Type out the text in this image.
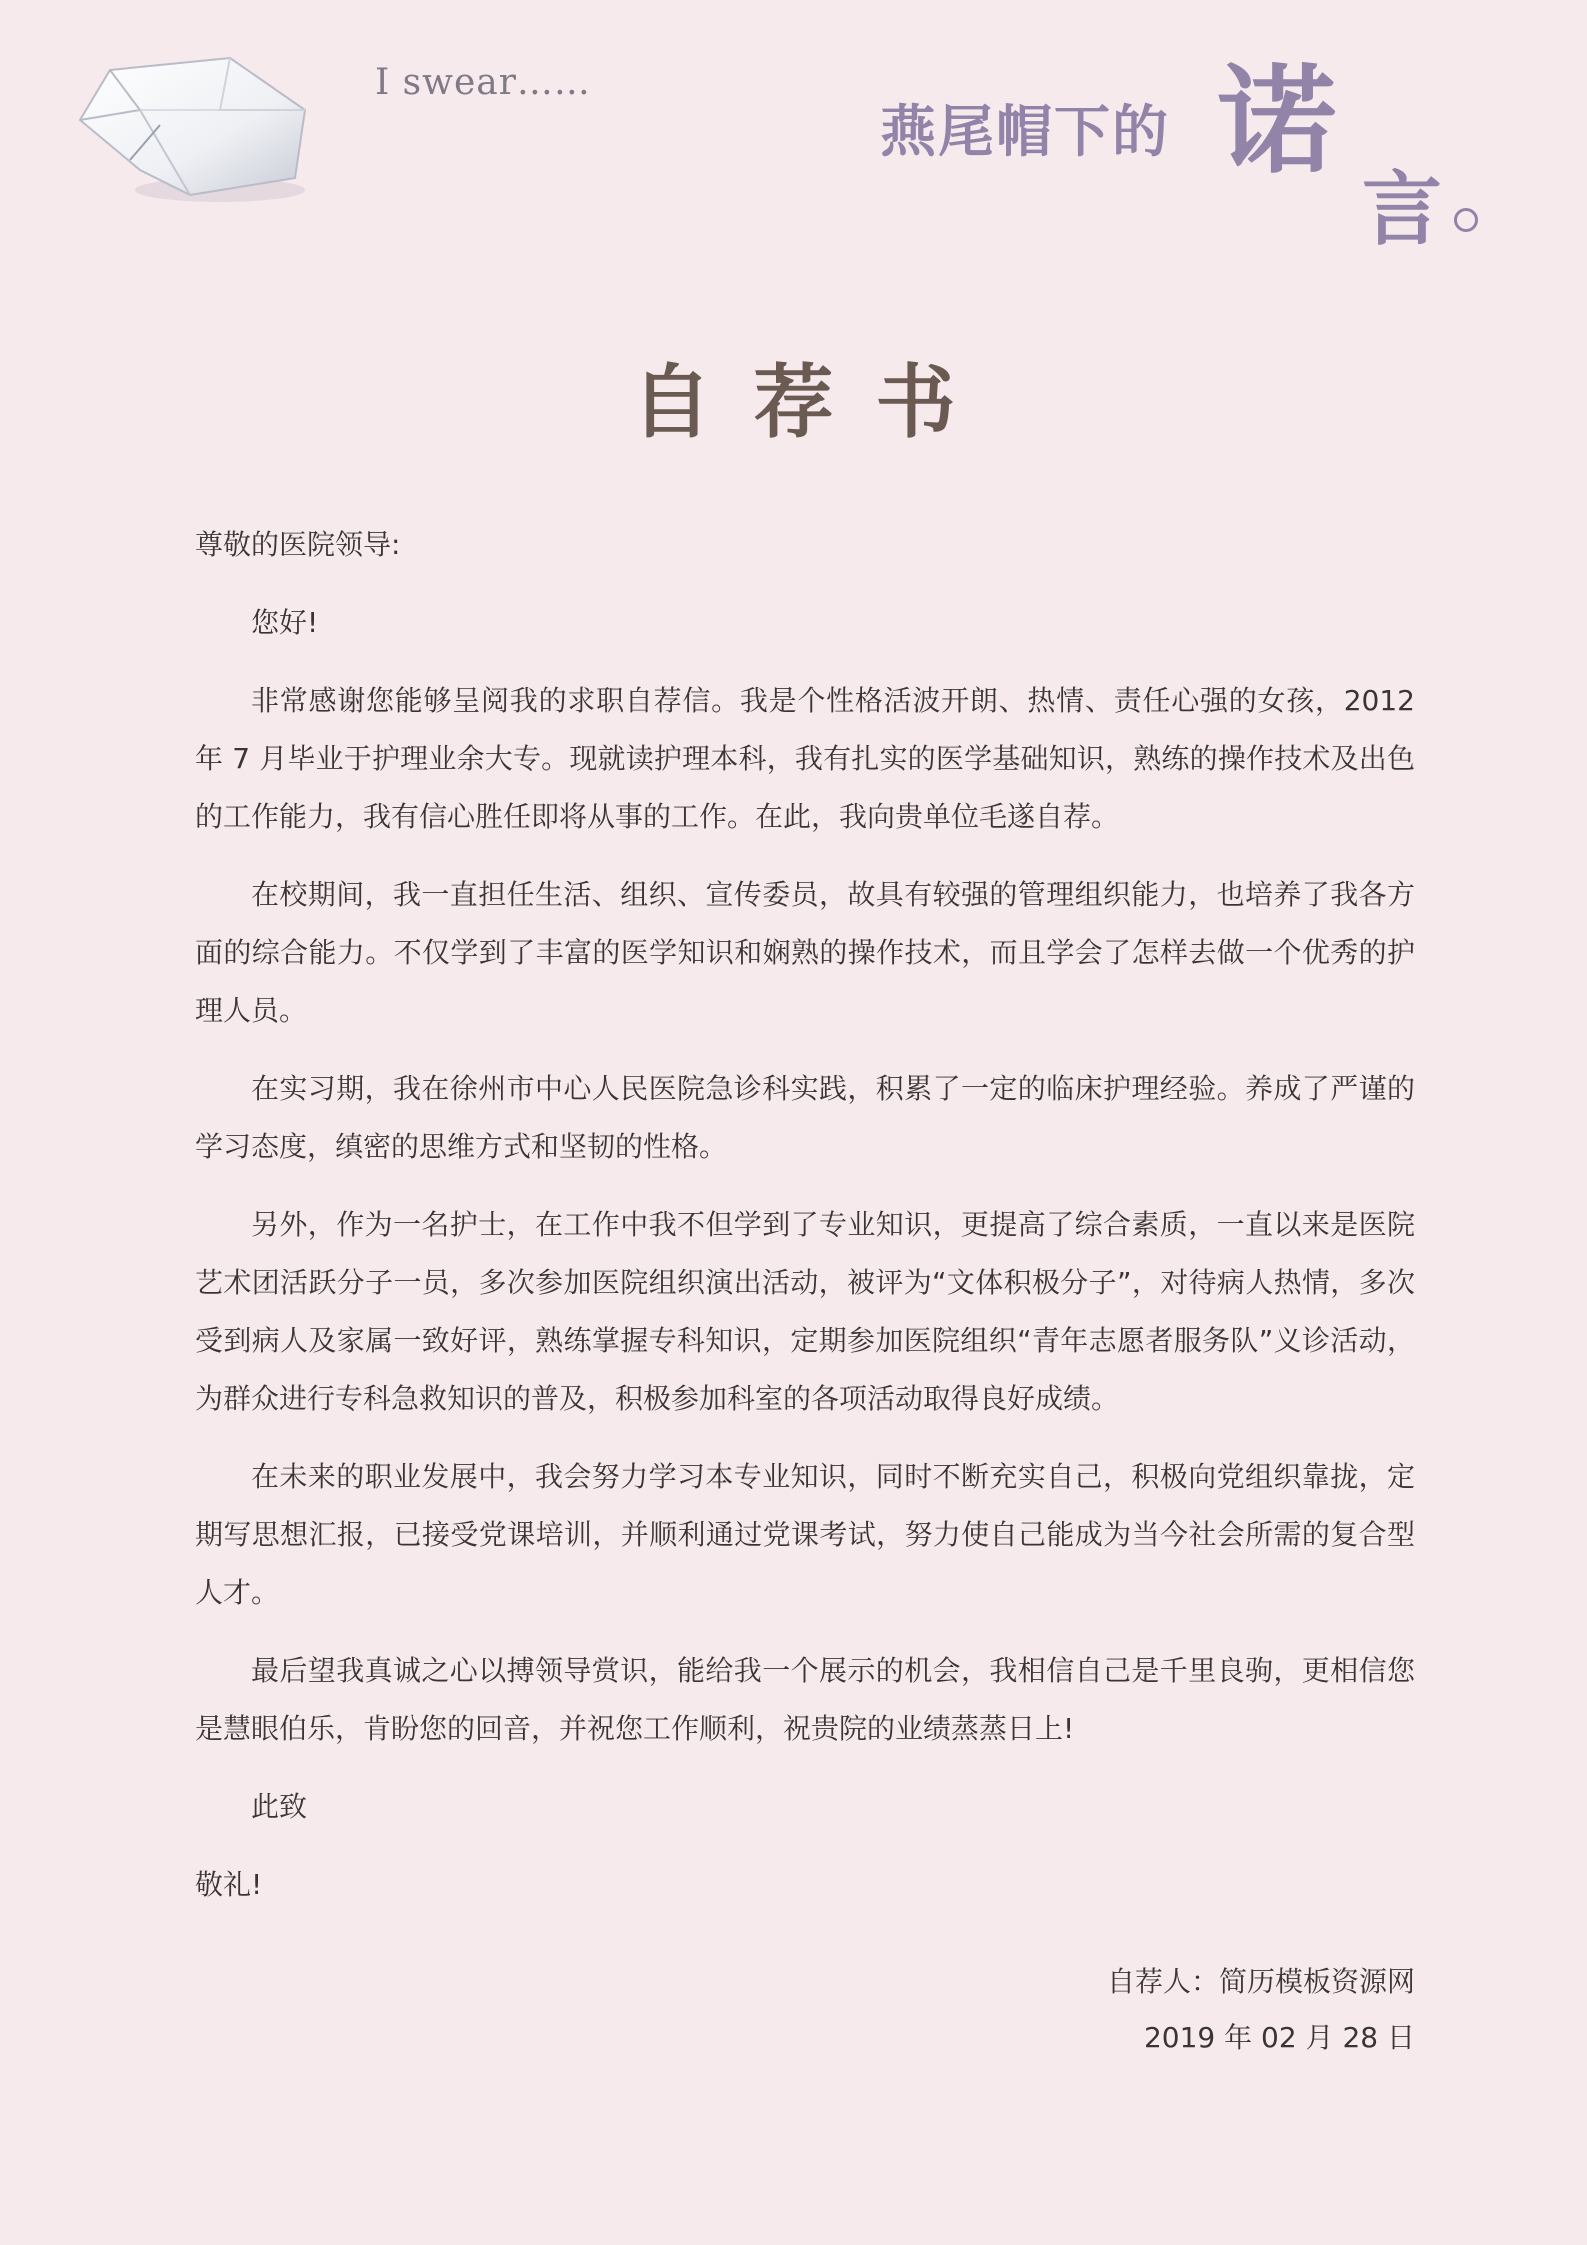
I swear……
燕尾帽下的 诺
言
自荐书

尊敬的医院领导:

您好!

非常感谢您能够呈阅我的求职自荐信。我是个性格活波开朗、热情、责任心强的女孩，2012 年 7 月毕业于护理业余大专。现就读护理本科，我有扎实的医学基础知识，熟练的操作技术及出色的工作能力，我有信心胜任即将从事的工作。在此，我向贵单位毛遂自荐。

在校期间，我一直担任生活、组织、宣传委员，故具有较强的管理组织能力，也培养了我各方面的综合能力。不仅学到了丰富的医学知识和娴熟的操作技术，而且学会了怎样去做一个优秀的护理人员。

在实习期，我在徐州市中心人民医院急诊科实践，积累了一定的临床护理经验。养成了严谨的学习态度，缜密的思维方式和坚韧的性格。

另外，作为一名护士，在工作中我不但学到了专业知识，更提高了综合素质，一直以来是医院艺术团活跃分子一员，多次参加医院组织演出活动，被评为“文体积极分子”，对待病人热情，多次受到病人及家属一致好评，熟练掌握专科知识，定期参加医院组织“青年志愿者服务队”义诊活动，为群众进行专科急救知识的普及，积极参加科室的各项活动取得良好成绩。

在未来的职业发展中，我会努力学习本专业知识，同时不断充实自己，积极向党组织靠拢，定期写思想汇报，已接受党课培训，并顺利通过党课考试，努力使自己能成为当今社会所需的复合型人才。

最后望我真诚之心以搏领导赏识，能给我一个展示的机会，我相信自己是千里良驹，更相信您是慧眼伯乐，肯盼您的回音，并祝您工作顺利，祝贵院的业绩蒸蒸日上!

此致

敬礼!

自荐人：简历模板资源网
2019 年 02 月 28 日
